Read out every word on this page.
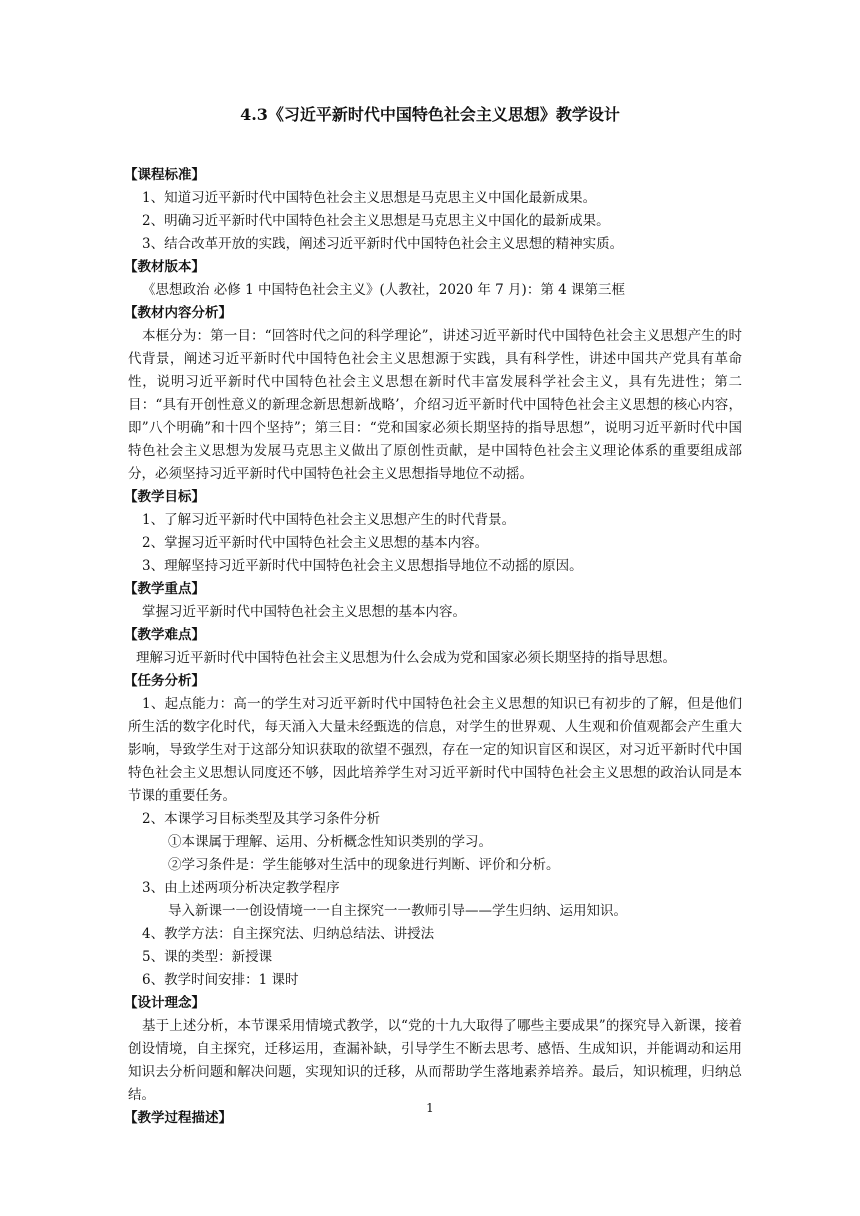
4.3《习近平新时代中国特色社会主义思想》教学设计
【课程标准】
1、知道习近平新时代中国特色社会主义思想是马克思主义中国化最新成果。
2、明确习近平新时代中国特色社会主义思想是马克思主义中国化的最新成果。
3、结合改革开放的实践，阐述习近平新时代中国特色社会主义思想的精神实质。
【教材版本】
《思想政治 必修 1 中国特色社会主义》(人教社，2020 年 7 月)：第 4 课第三框
【教材内容分析】
本框分为：第一目：“回答时代之问的科学理论”，讲述习近平新时代中国特色社会主义思想产生的时代背景，阐述习近平新时代中国特色社会主义思想源于实践，具有科学性，讲述中国共产党具有革命性，说明习近平新时代中国特色社会主义思想在新时代丰富发展科学社会主义，具有先进性；第二目：“具有开创性意义的新理念新思想新战略’，介绍习近平新时代中国特色社会主义思想的核心内容，即”八个明确”和十四个坚持”；第三目：“党和国家必须长期坚持的指导思想”，说明习近平新时代中国特色社会主义思想为发展马克思主义做出了原创性贡献，是中国特色社会主义理论体系的重要组成部分，必须坚持习近平新时代中国特色社会主义思想指导地位不动摇。
【教学目标】
1、了解习近平新时代中国特色社会主义思想产生的时代背景。
2、掌握习近平新时代中国特色社会主义思想的基本内容。
3、理解坚持习近平新时代中国特色社会主义思想指导地位不动摇的原因。
【教学重点】
掌握习近平新时代中国特色社会主义思想的基本内容。
【教学难点】
理解习近平新时代中国特色社会主义思想为什么会成为党和国家必须长期坚持的指导思想。
【任务分析】
1、起点能力：高一的学生对习近平新时代中国特色社会主义思想的知识已有初步的了解，但是他们所生活的数字化时代，每天涌入大量未经甄选的信息，对学生的世界观、人生观和价值观都会产生重大影响，导致学生对于这部分知识获取的欲望不强烈，存在一定的知识盲区和误区，对习近平新时代中国特色社会主义思想认同度还不够，因此培养学生对习近平新时代中国特色社会主义思想的政治认同是本节课的重要任务。
2、本课学习目标类型及其学习条件分析
①本课属于理解、运用、分析概念性知识类别的学习。
②学习条件是：学生能够对生活中的现象进行判断、评价和分析。
3、由上述两项分析决定教学程序
导入新课一一创设情境一一自主探究一一教师引导——学生归纳、运用知识。
4、教学方法：自主探究法、归纳总结法、讲授法
5、课的类型：新授课
6、教学时间安排：1 课时
【设计理念】
基于上述分析，本节课采用情境式教学，以“党的十九大取得了哪些主要成果”的探究导入新课，接着创设情境，自主探究，迁移运用，查漏补缺，引导学生不断去思考、感悟、生成知识，并能调动和运用知识去分析问题和解决问题，实现知识的迁移，从而帮助学生落地素养培养。最后，知识梳理，归纳总结。
【教学过程描述】
1
